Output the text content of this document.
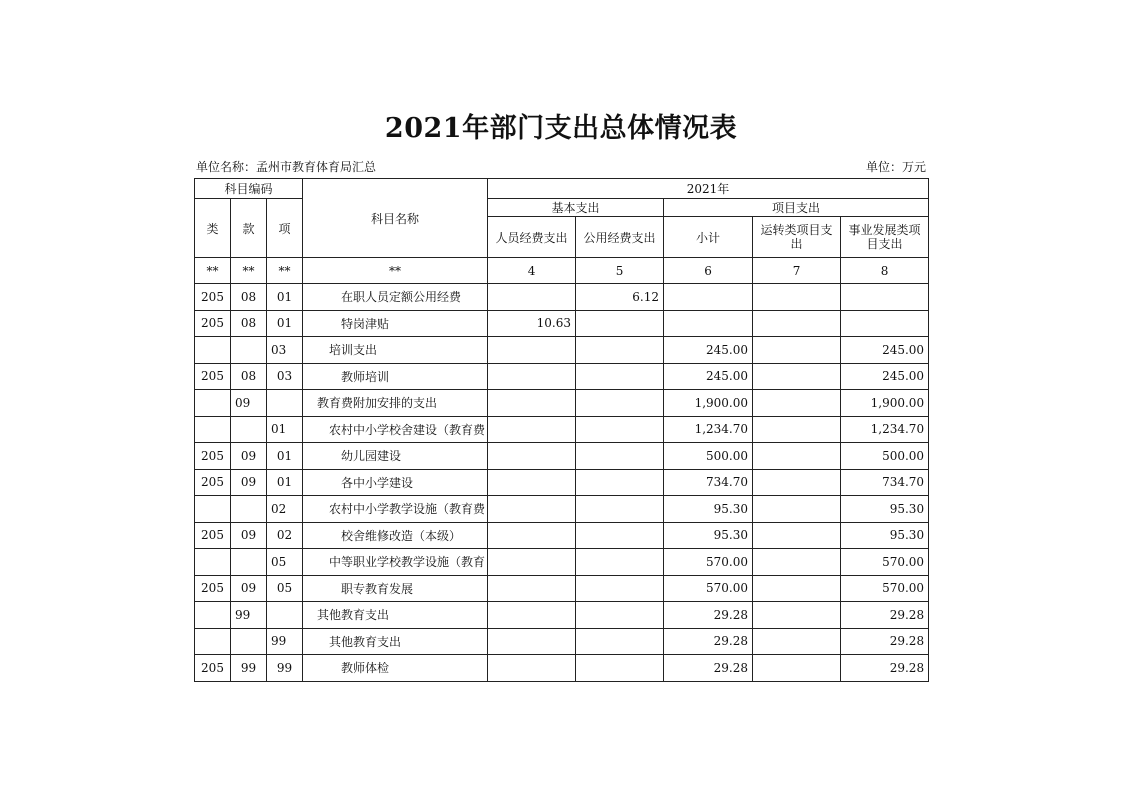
2021年部门支出总体情况表
单位名称：孟州市教育体育局汇总	单位：万元
科目编码			科目名称	2021年				
类	款	项		基本支出		项目支出		
				人员经费支出	公用经费支出	小计	运转类项目支出	事业发展类项目支出
**	**	**	**	4	5	6	7	8
205	08	01	在职人员定额公用经费		6.12			
205	08	01	特岗津贴	10.63				
		03	培训支出			245.00		245.00
205	08	03	教师培训			245.00		245.00
	09		教育费附加安排的支出			1,900.00		1,900.00
		01	农村中小学校舍建设（教育费			1,234.70		1,234.70
205	09	01	幼儿园建设			500.00		500.00
205	09	01	各中小学建设			734.70		734.70
		02	农村中小学教学设施（教育费			95.30		95.30
205	09	02	校舍维修改造（本级）			95.30		95.30
		05	中等职业学校教学设施（教育			570.00		570.00
205	09	05	职专教育发展			570.00		570.00
	99		其他教育支出			29.28		29.28
		99	其他教育支出			29.28		29.28
205	99	99	教师体检			29.28		29.28
